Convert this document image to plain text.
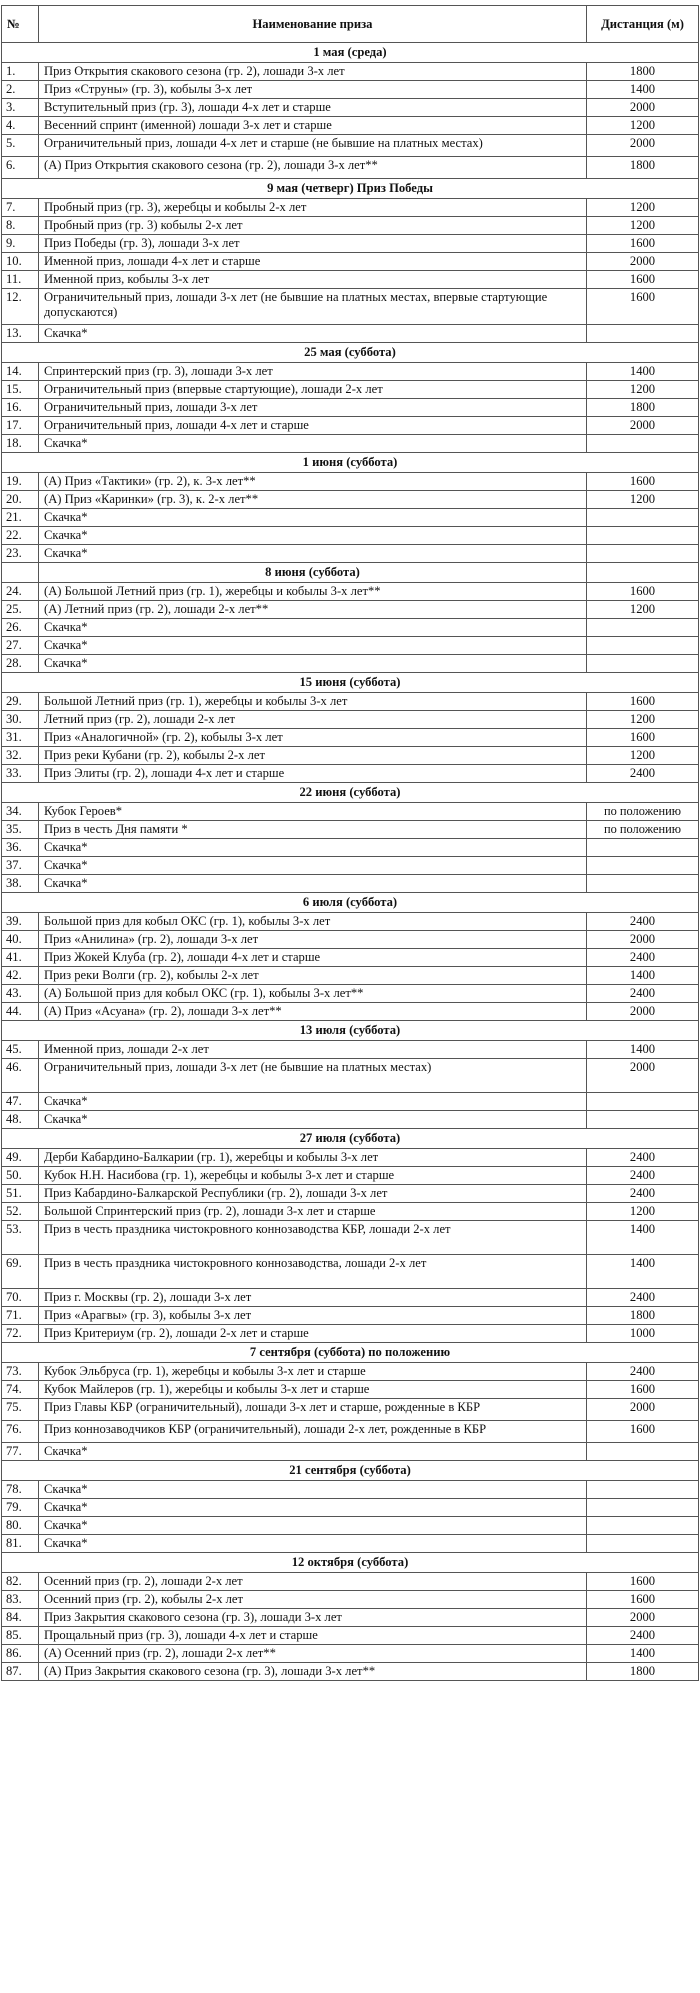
№	Наименование приза	Дистанция (м)
1 мая (среда)		
1.	Приз Открытия скакового сезона (гр. 2), лошади 3-х лет	1800
2.	Приз «Струны» (гр. 3), кобылы 3-х лет	1400
3.	Вступительный приз (гр. 3), лошади 4-х лет и старше	2000
4.	Весенний спринт (именной) лошади 3-х лет и старше	1200
5.	Ограничительный приз, лошади 4-х лет и старше (не бывшие на платных местах)	2000
6.	(А) Приз Открытия скакового сезона (гр. 2), лошади 3-х лет**	1800
9 мая (четверг) Приз Победы		
7.	Пробный приз (гр. 3), жеребцы и кобылы 2-х лет	1200
8.	Пробный приз (гр. 3) кобылы 2-х лет	1200
9.	Приз Победы (гр. 3), лошади 3-х лет	1600
10.	Именной приз, лошади 4-х лет и старше	2000
11.	Именной приз, кобылы 3-х лет	1600
12.	Ограничительный приз, лошади 3-х лет (не бывшие на платных местах, впервые стартующие допускаются)	1600
13.	Скачка*	
25 мая (суббота)		
14.	Спринтерский приз (гр. 3), лошади 3-х лет	1400
15.	Ограничительный приз (впервые стартующие), лошади 2-х лет	1200
16.	Ограничительный приз, лошади 3-х лет	1800
17.	Ограничительный приз, лошади 4-х лет и старше	2000
18.	Скачка*	
1 июня (суббота)		
19.	(А) Приз «Тактики» (гр. 2), к. 3-х лет**	1600
20.	(А) Приз «Каринки» (гр. 3), к. 2-х лет**	1200
21.	Скачка*	
22.	Скачка*	
23.	Скачка*	
	8 июня (суббота)	
24.	(А) Большой Летний приз (гр. 1), жеребцы и кобылы 3-х лет**	1600
25.	(А) Летний приз (гр. 2), лошади 2-х лет**	1200
26.	Скачка*	
27.	Скачка*	
28.	Скачка*	
15 июня (суббота)		
29.	Большой Летний приз (гр. 1), жеребцы и кобылы 3-х лет	1600
30.	Летний приз (гр. 2), лошади 2-х лет	1200
31.	Приз «Аналогичной» (гр. 2), кобылы 3-х лет	1600
32.	Приз реки Кубани (гр. 2), кобылы 2-х лет	1200
33.	Приз Элиты (гр. 2), лошади 4-х лет и старше	2400
22 июня (суббота)		
34.	Кубок Героев*	по положению
35.	Приз в честь Дня памяти *	по положению
36.	Скачка*	
37.	Скачка*	
38.	Скачка*	
6 июля (суббота)		
39.	Большой приз для кобыл ОКС (гр. 1), кобылы 3-х лет	2400
40.	Приз «Анилина» (гр. 2), лошади 3-х лет	2000
41.	Приз Жокей Клуба (гр. 2), лошади 4-х лет и старше	2400
42.	Приз реки Волги (гр. 2), кобылы 2-х лет	1400
43.	(А) Большой приз для кобыл ОКС (гр. 1), кобылы 3-х лет**	2400
44.	(А) Приз «Асуана» (гр. 2), лошади 3-х лет**	2000
13 июля (суббота)		
45.	Именной приз, лошади 2-х лет	1400
46.	Ограничительный приз, лошади 3-х лет (не бывшие на платных местах)	2000
47.	Скачка*	
48.	Скачка*	
27 июля (суббота)		
49.	Дерби Кабардино-Балкарии (гр. 1), жеребцы и кобылы 3-х лет	2400
50.	Кубок Н.Н. Насибова (гр. 1), жеребцы и кобылы 3-х лет и старше	2400
51.	Приз Кабардино-Балкарской Республики (гр. 2), лошади 3-х лет	2400
52.	Большой Спринтерский приз (гр. 2), лошади 3-х лет и старше	1200
53.	Приз в честь праздника чистокровного коннозаводства КБР, лошади 2-х лет	1400
69.	Приз в честь праздника чистокровного коннозаводства, лошади 2-х лет	1400
70.	Приз г. Москвы (гр. 2), лошади 3-х лет	2400
71.	Приз «Арагвы» (гр. 3), кобылы 3-х лет	1800
72.	Приз Критериум (гр. 2), лошади 2-х лет и старше	1000
7 сентября (суббота) по положению		
73.	Кубок Эльбруса (гр. 1), жеребцы и кобылы 3-х лет и старше	2400
74.	Кубок Майлеров (гр. 1), жеребцы и кобылы 3-х лет и старше	1600
75.	Приз Главы КБР (ограничительный), лошади 3-х лет и старше, рожденные в КБР	2000
76.	Приз коннозаводчиков КБР (ограничительный), лошади 2-х лет, рожденные в КБР	1600
77.	Скачка*	
21 сентября (суббота)		
78.	Скачка*	
79.	Скачка*	
80.	Скачка*	
81.	Скачка*	
12 октября (суббота)		
82.	Осенний приз (гр. 2), лошади 2-х лет	1600
83.	Осенний приз (гр. 2), кобылы 2-х лет	1600
84.	Приз Закрытия скакового сезона (гр. 3), лошади 3-х лет	2000
85.	Прощальный приз (гр. 3), лошади 4-х лет и старше	2400
86.	(А) Осенний приз (гр. 2), лошади 2-х лет**	1400
87.	(А) Приз Закрытия скакового сезона (гр. 3), лошади 3-х лет**	1800
